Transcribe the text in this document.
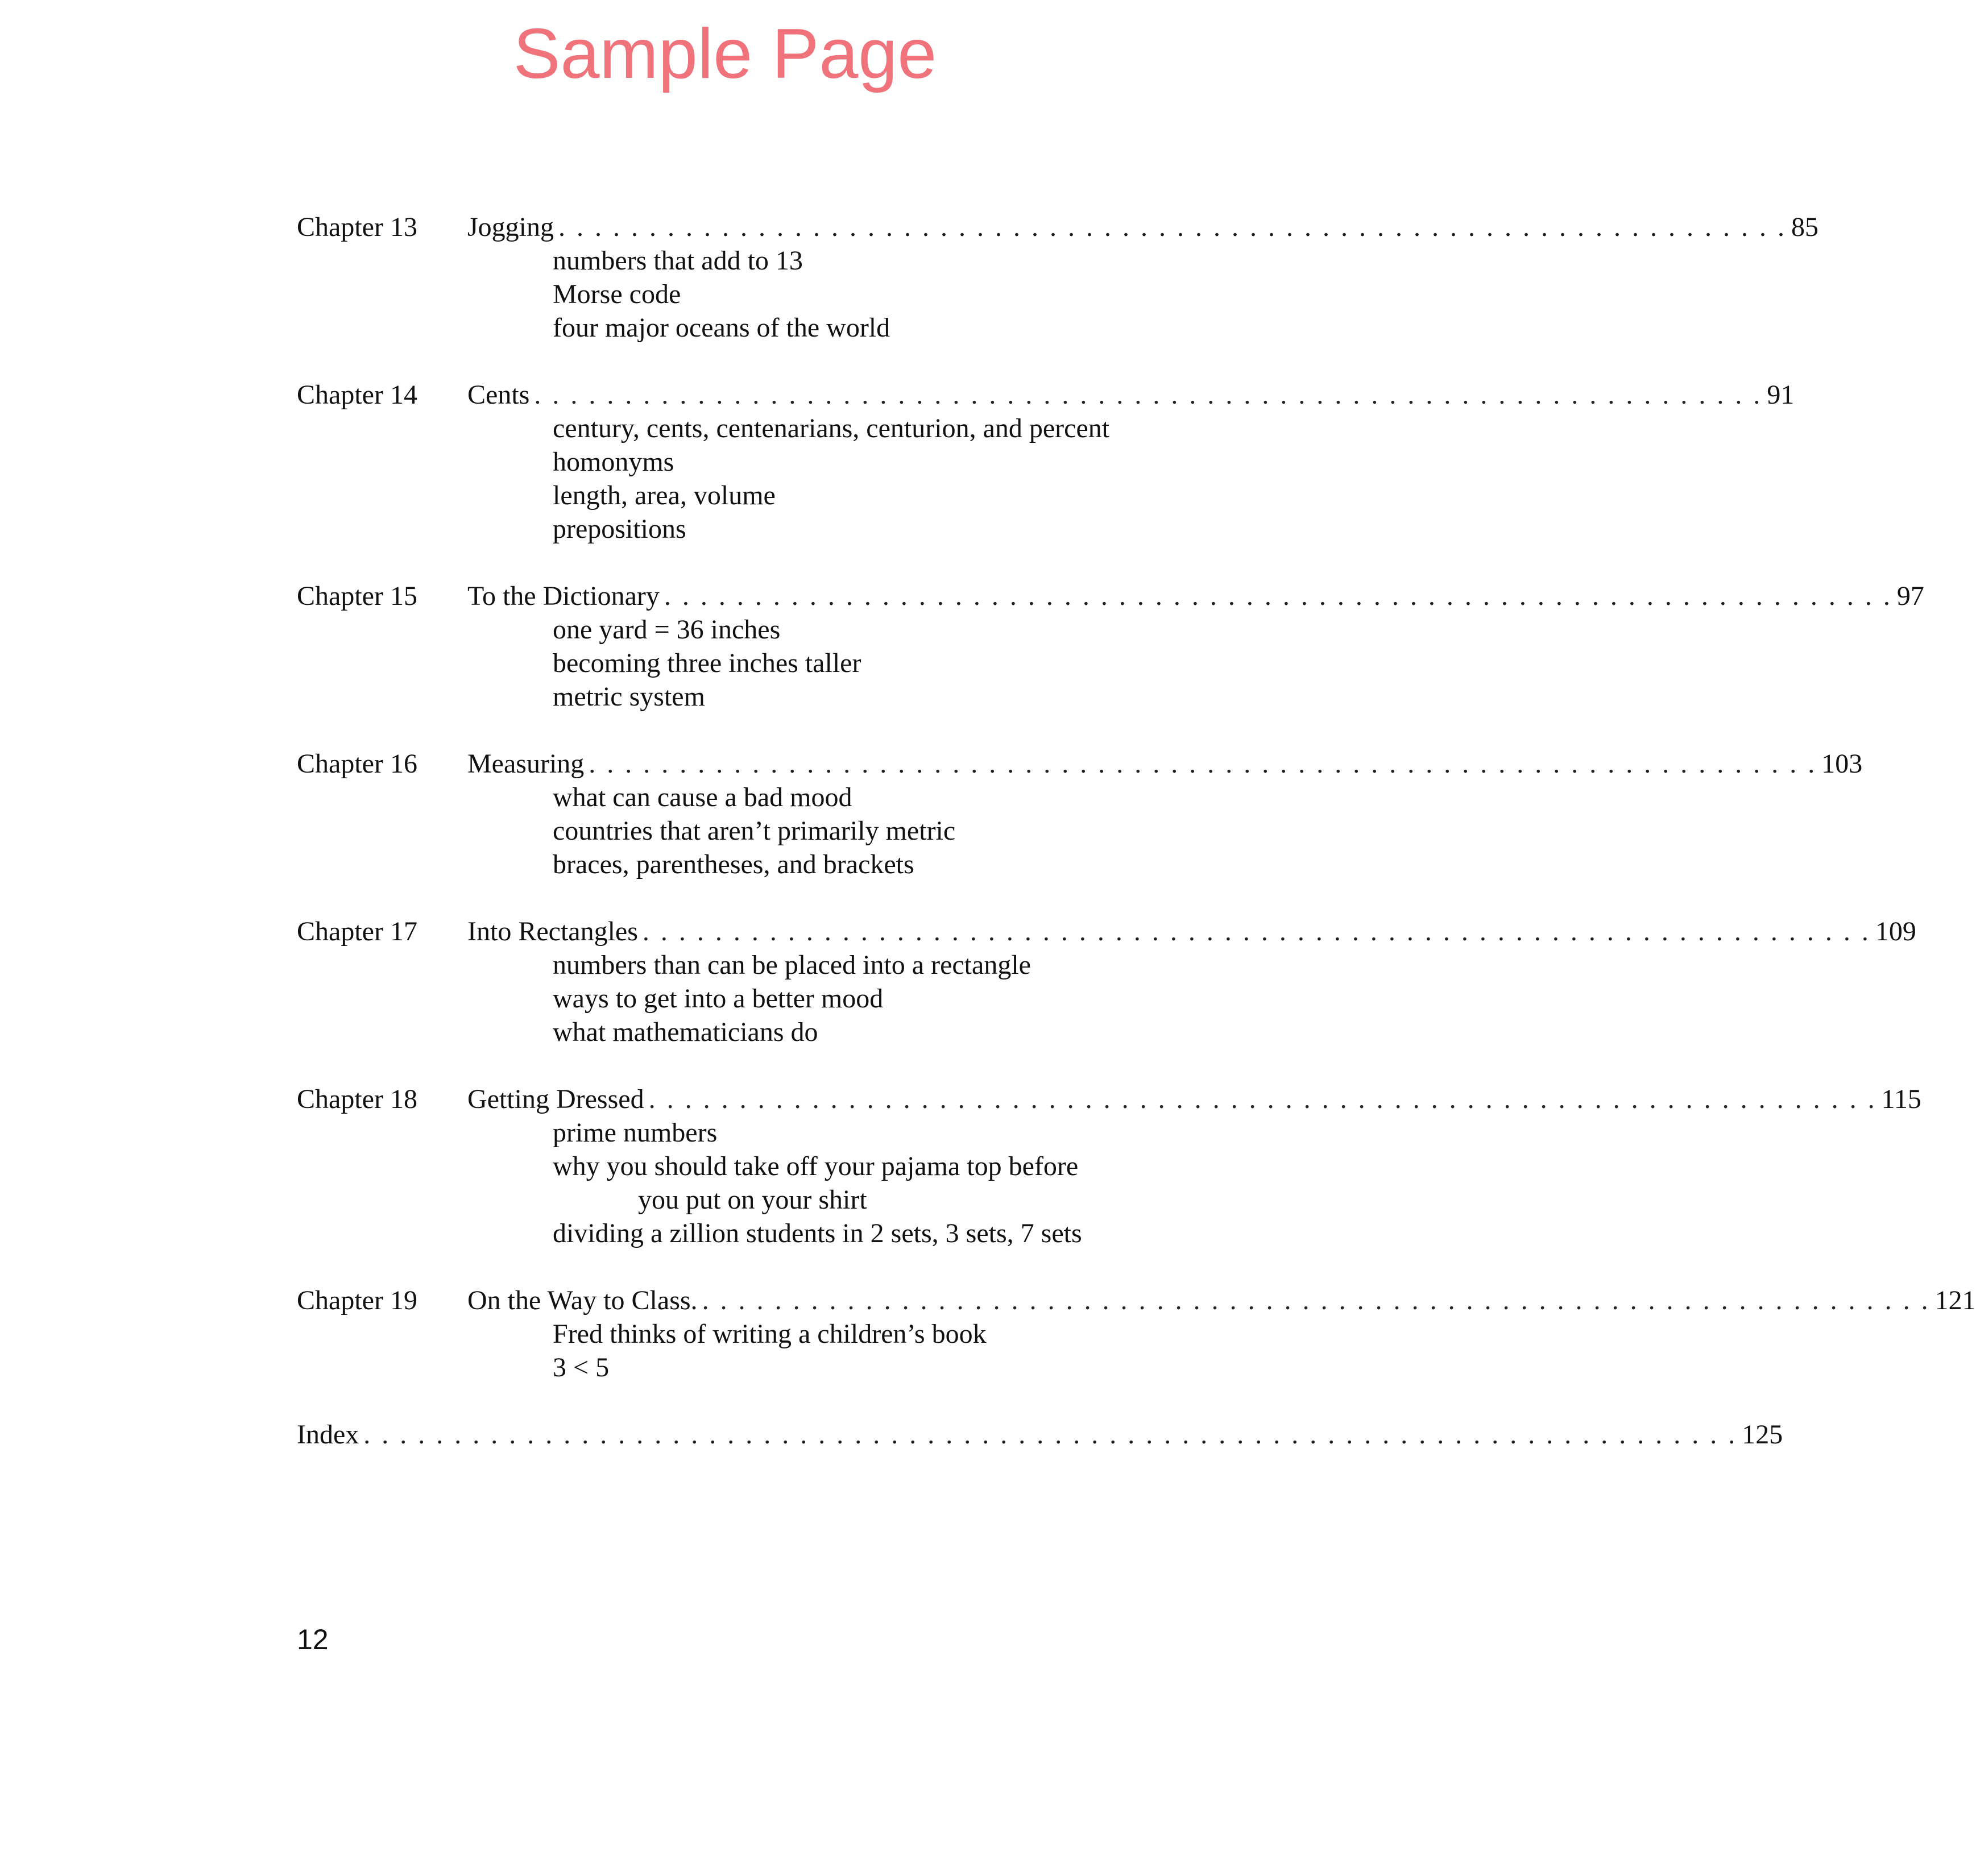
Sample Page
Chapter 13	Jogging . . . . . . . . . . . . . . . . . . . . . . . . . . . . . . . . . . . . . . . . . . . . . . . . . . . . . . . . . . . . . . . . . . . . 85
numbers that add to 13
Morse code
four major oceans of the world
Chapter 14	Cents . . . . . . . . . . . . . . . . . . . . . . . . . . . . . . . . . . . . . . . . . . . . . . . . . . . . . . . . . . . . . . . . . . . . 91
century, cents, centenarians, centurion, and percent
homonyms
length, area, volume
prepositions
Chapter 15	To the Dictionary . . . . . . . . . . . . . . . . . . . . . . . . . . . . . . . . . . . . . . . . . . . . . . . . . . . . . . . . . . . . . . . . . . . . 97
one yard = 36 inches
becoming three inches taller
metric system
Chapter 16	Measuring . . . . . . . . . . . . . . . . . . . . . . . . . . . . . . . . . . . . . . . . . . . . . . . . . . . . . . . . . . . . . . . . . . . . 103
what can cause a bad mood
countries that aren’t primarily metric
braces, parentheses, and brackets
Chapter 17	Into Rectangles . . . . . . . . . . . . . . . . . . . . . . . . . . . . . . . . . . . . . . . . . . . . . . . . . . . . . . . . . . . . . . . . . . . . 109
numbers than can be placed into a rectangle
ways to get into a better mood
what mathematicians do
Chapter 18	Getting Dressed . . . . . . . . . . . . . . . . . . . . . . . . . . . . . . . . . . . . . . . . . . . . . . . . . . . . . . . . . . . . . . . . . . . . 115
prime numbers
why you should take off your pajama top before
you put on your shirt
dividing a zillion students in 2 sets, 3 sets, 7 sets
Chapter 19	On the Way to Class. . . . . . . . . . . . . . . . . . . . . . . . . . . . . . . . . . . . . . . . . . . . . . . . . . . . . . . . . . . . . . . . . . . . . 121
Fred thinks of writing a children’s book
3 < 5
Index . . . . . . . . . . . . . . . . . . . . . . . . . . . . . . . . . . . . . . . . . . . . . . . . . . . . . . . . . . . . . . . . . . . . . . . . . . . . 125
12
